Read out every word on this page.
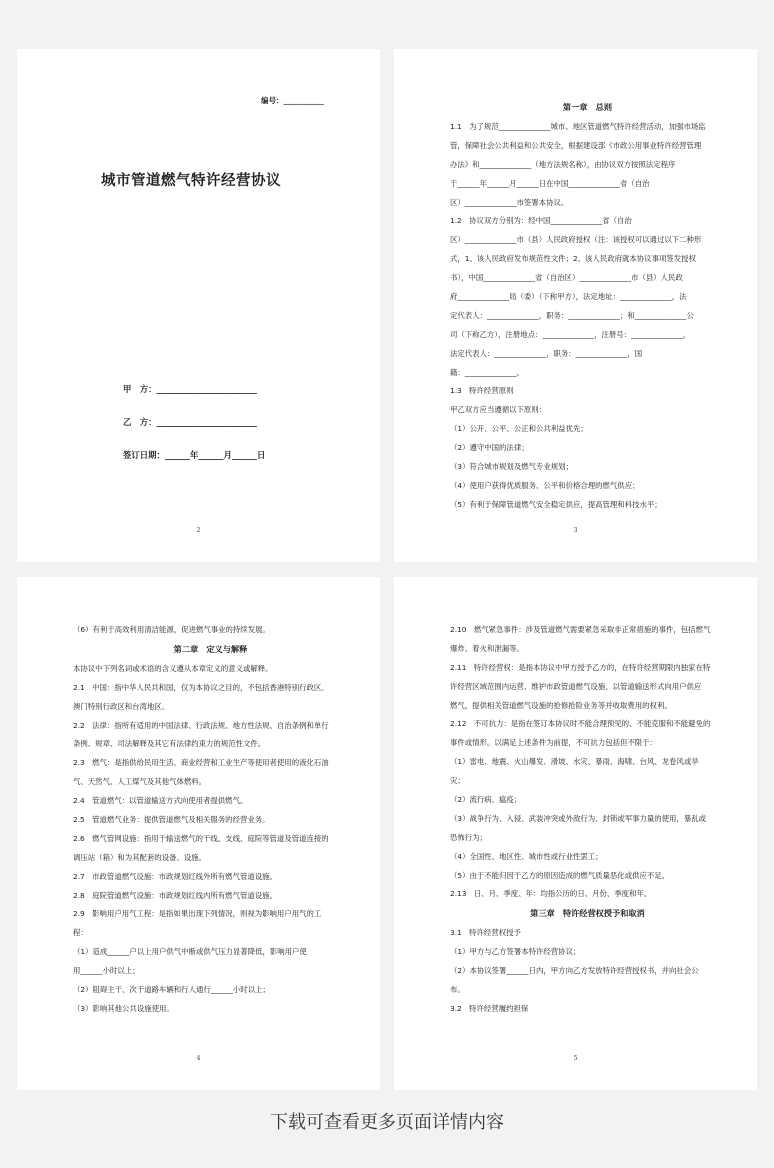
编号：___________
城市管道燃气特许经营协议
甲　方：________________________
乙　方：________________________
签订日期：______年______月______日
2

第一章　总则

1.1　为了规范______________城市、地区管道燃气特许经营活动，加强市场监

管，保障社会公共利益和公共安全，根据建设部《市政公用事业特许经营管理

办法》和______________（地方法规名称），由协议双方按照法定程序

于______年______月______日在中国______________省（自治

区）______________市签署本协议。

1.2　协议双方分别为：经中国______________省（自治

区）______________市（县）人民政府授权（注：该授权可以通过以下二种形

式，1、该人民政府发布规范性文件；2、该人民政府就本协议事项签发授权

书），中国______________省（自治区）______________市（县）人民政

府______________局（委）（下称甲方），法定地址：______________，法

定代表人：______________，职务：______________；和______________公

司（下称乙方），注册地点：______________，注册号：______________，

法定代表人：______________，职务：______________，国

籍：______________。

1.3　特许经营原则

甲乙双方应当遵循以下原则：

（1）公开、公平、公正和公共利益优先；

（2）遵守中国的法律；

（3）符合城市规划及燃气专业规划；

（4）使用户获得优质服务、公平和价格合理的燃气供应；

（5）有利于保障管道燃气安全稳定供应，提高管理和科技水平；

3

（6）有利于高效利用清洁能源，促进燃气事业的持续发展。

第二章　定义与解释

本协议中下列名词或术语的含义遵从本章定义的意义或解释。

2.1　中国：指中华人民共和国，仅为本协议之目的，不包括香港特别行政区、

澳门特别行政区和台湾地区。

2.2　法律：指所有适用的中国法律、行政法规、地方性法规、自治条例和单行

条例、规章、司法解释及其它有法律约束力的规范性文件。

2.3　燃气：是指供给民用生活、商业经营和工业生产等使用者使用的液化石油

气、天然气、人工煤气及其他气体燃料。

2.4　管道燃气：以管道输送方式向使用者提供燃气。

2.5　管道燃气业务：提供管道燃气及相关服务的经营业务。

2.6　燃气管网设施：指用于输送燃气的干线、支线、庭院等管道及管道连接的

调压站（箱）和为其配套的设备、设施。

2.7　市政管道燃气设施：市政规划红线外所有燃气管道设施。

2.8　庭院管道燃气设施：市政规划红线内所有燃气管道设施。

2.9　影响用户用气工程：是指如果出现下列情况，则视为影响用户用气的工

程：

（1）造成______户以上用户供气中断或供气压力显著降低，影响用户使

用______小时以上；

（2）阻碍主干、次干道路车辆和行人通行______小时以上；

（3）影响其他公共设施使用。

4

2.10　燃气紧急事件：涉及管道燃气需要紧急采取非正常措施的事件，包括燃气

爆炸、着火和泄漏等。

2.11　特许经营权：是指本协议中甲方授予乙方的，在特许经营期限内独家在特

许经营区域范围内运营、维护市政管道燃气设施、以管道输送形式向用户供应

燃气，提供相关管道燃气设施的抢修抢险业务等并收取费用的权利。

2.12　不可抗力：是指在签订本协议时不能合理预见的、不能克服和不能避免的

事件或情形。以满足上述条件为前提，不可抗力包括但不限于：

（1）雷电、地震、火山爆发、滑坡、水灾、暴雨、海啸、台风、龙卷风或旱

灾；

（2）流行病、瘟疫；

（3）战争行为、入侵、武装冲突或外敌行为、封锁或军事力量的使用，暴乱或

恐怖行为；

（4）全国性、地区性、城市性或行业性罢工；

（5）由于不能归因于乙方的原因造成的燃气质量恶化或供应不足。

2.13　日、月、季度、年：均指公历的日、月份、季度和年。

第三章　特许经营权授予和取消

3.1　特许经营权授予

（1）甲方与乙方签署本特许经营协议；

（2）本协议签署______日内，甲方向乙方发放特许经营授权书，并向社会公

布。

3.2　特许经营履约担保

5
下载可查看更多页面详情内容
